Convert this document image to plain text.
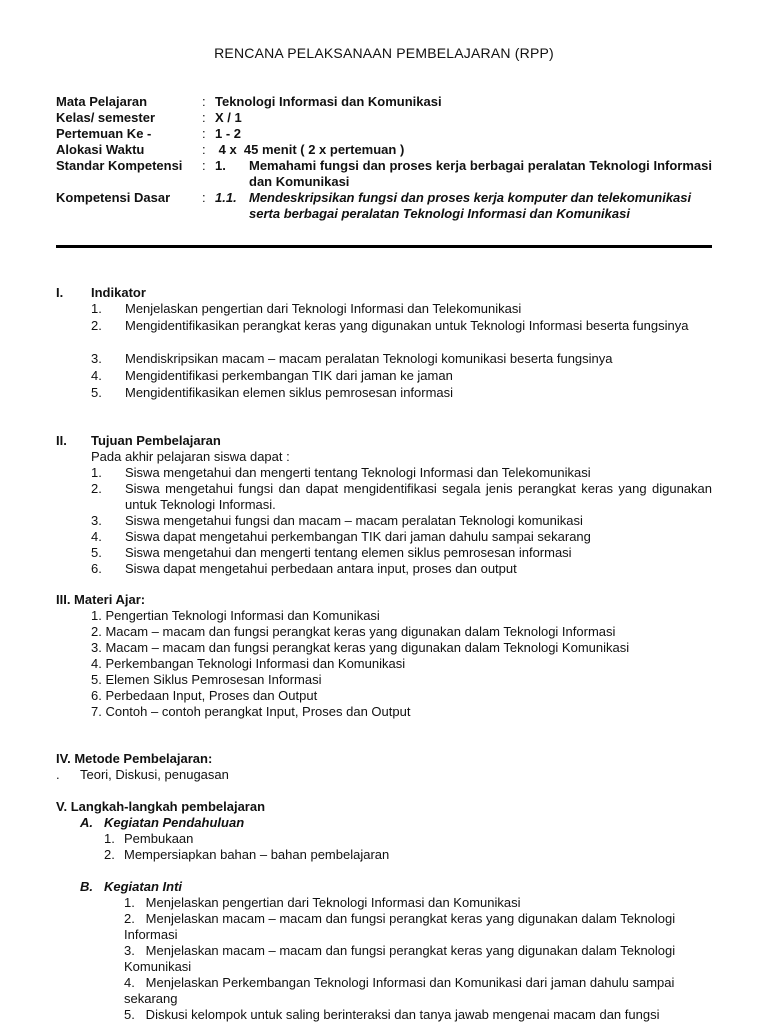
RENCANA PELAKSANAAN PEMBELAJARAN (RPP)
Mata Pelajaran	: Teknologi Informasi dan Komunikasi
Kelas/ semester	: X / 1
Pertemuan Ke -	: 1 - 2
Alokasi Waktu	: 4 x  45 menit ( 2 x pertemuan )
Standar Kompetensi	: 1. Memahami fungsi dan proses kerja berbagai peralatan Teknologi Informasi dan Komunikasi
Kompetensi Dasar	: 1.1. Mendeskripsikan fungsi dan proses kerja komputer dan telekomunikasi serta berbagai peralatan Teknologi Informasi dan Komunikasi
I. Indikator
1. Menjelaskan pengertian dari Teknologi Informasi dan Telekomunikasi
2. Mengidentifikasikan perangkat keras yang digunakan untuk Teknologi Informasi beserta fungsinya
3. Mendiskripsikan macam – macam peralatan Teknologi komunikasi beserta fungsinya
4. Mengidentifikasi perkembangan TIK dari jaman ke jaman
5. Mengidentifikasikan elemen siklus pemrosesan informasi
II. Tujuan Pembelajaran
Pada akhir pelajaran siswa dapat :
1. Siswa mengetahui dan mengerti tentang Teknologi Informasi dan Telekomunikasi
2. Siswa mengetahui fungsi dan dapat mengidentifikasi segala jenis perangkat keras yang digunakan untuk Teknologi Informasi.
3. Siswa mengetahui fungsi dan macam – macam peralatan Teknologi komunikasi
4. Siswa dapat mengetahui perkembangan TIK dari jaman dahulu sampai sekarang
5. Siswa mengetahui dan mengerti tentang elemen siklus pemrosesan informasi
6. Siswa dapat mengetahui perbedaan antara input, proses dan output
III. Materi Ajar:
1. Pengertian Teknologi Informasi dan Komunikasi
2. Macam – macam dan fungsi perangkat keras yang digunakan dalam Teknologi Informasi
3. Macam – macam dan fungsi perangkat keras yang digunakan dalam Teknologi Komunikasi
4. Perkembangan Teknologi Informasi dan Komunikasi
5. Elemen Siklus Pemrosesan Informasi
6. Perbedaan Input, Proses dan Output
7. Contoh – contoh perangkat Input, Proses dan Output
IV. Metode Pembelajaran:
. Teori, Diskusi, penugasan
V. Langkah-langkah pembelajaran
A. Kegiatan Pendahuluan
1. Pembukaan
2. Mempersiapkan bahan – bahan pembelajaran
B. Kegiatan Inti
1.   Menjelaskan pengertian dari Teknologi Informasi dan Komunikasi
2.   Menjelaskan macam – macam dan fungsi perangkat keras yang digunakan dalam Teknologi Informasi
3.   Menjelaskan macam – macam dan fungsi perangkat keras yang digunakan dalam Teknologi Komunikasi
4.   Menjelaskan Perkembangan Teknologi Informasi dan Komunikasi dari jaman dahulu sampai sekarang
5.   Diskusi kelompok untuk saling berinteraksi dan tanya jawab mengenai macam dan fungsi
